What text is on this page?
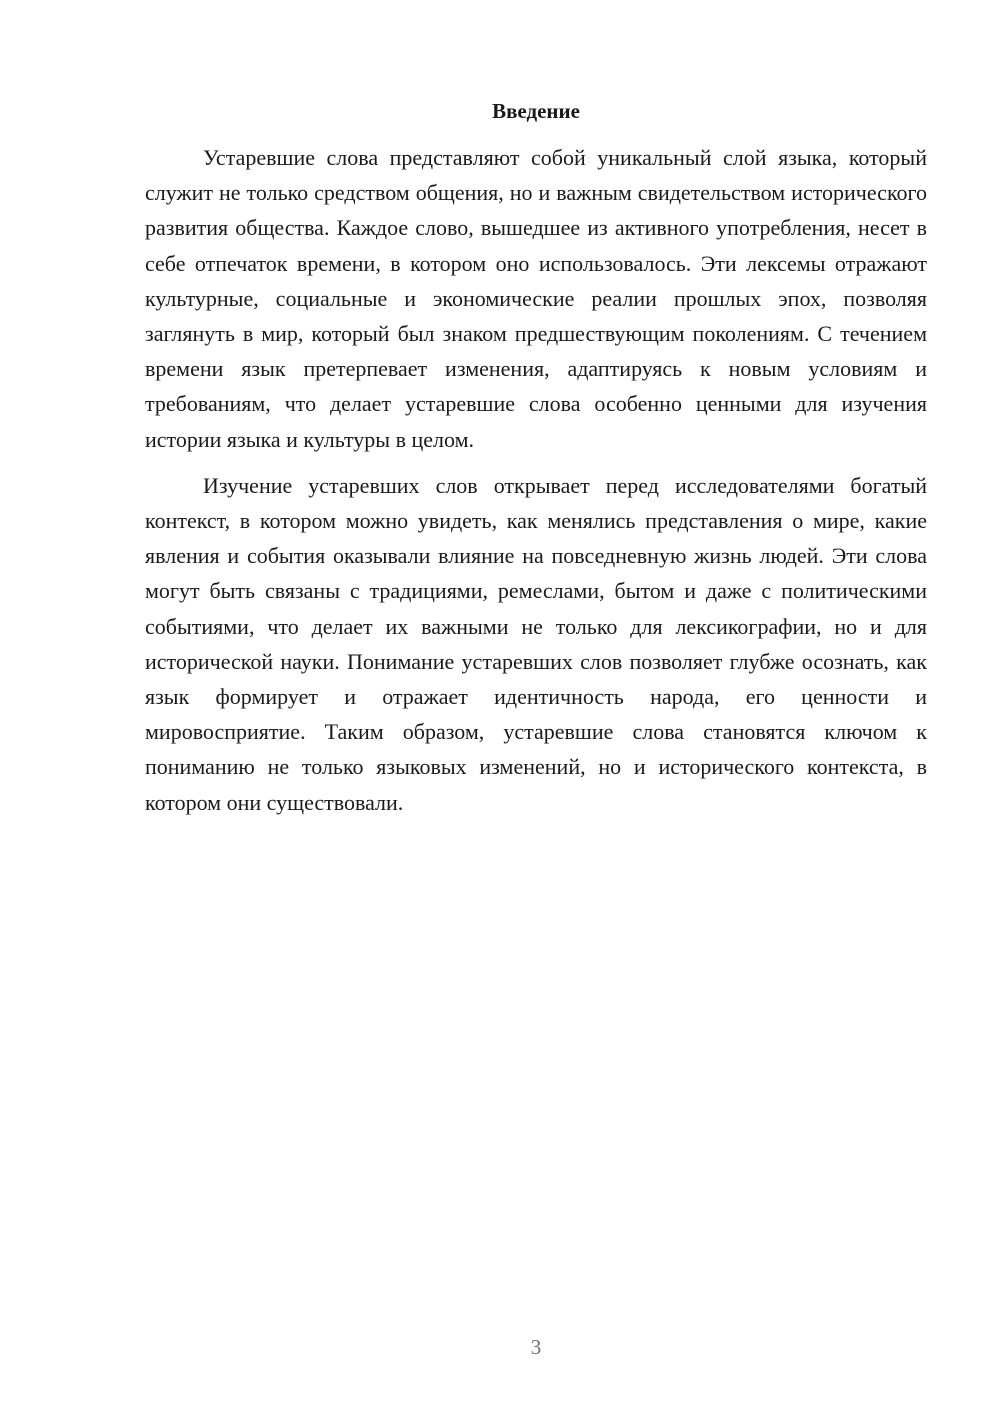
Введение

Устаревшие слова представляют собой уникальный слой языка, который служит не только средством общения, но и важным свидетельством исторического развития общества. Каждое слово, вышедшее из активного употребления, несет в себе отпечаток времени, в котором оно использовалось. Эти лексемы отражают культурные, социальные и экономические реалии прошлых эпох, позволяя заглянуть в мир, который был знаком предшествующим поколениям. С течением времени язык претерпевает изменения, адаптируясь к новым условиям и требованиям, что делает устаревшие слова особенно ценными для изучения истории языка и культуры в целом.

Изучение устаревших слов открывает перед исследователями богатый контекст, в котором можно увидеть, как менялись представления о мире, какие явления и события оказывали влияние на повседневную жизнь людей. Эти слова могут быть связаны с традициями, ремеслами, бытом и даже с политическими событиями, что делает их важными не только для лексикографии, но и для исторической науки. Понимание устаревших слов позволяет глубже осознать, как язык формирует и отражает идентичность народа, его ценности и мировосприятие. Таким образом, устаревшие слова становятся ключом к пониманию не только языковых изменений, но и исторического контекста, в котором они существовали.

3
